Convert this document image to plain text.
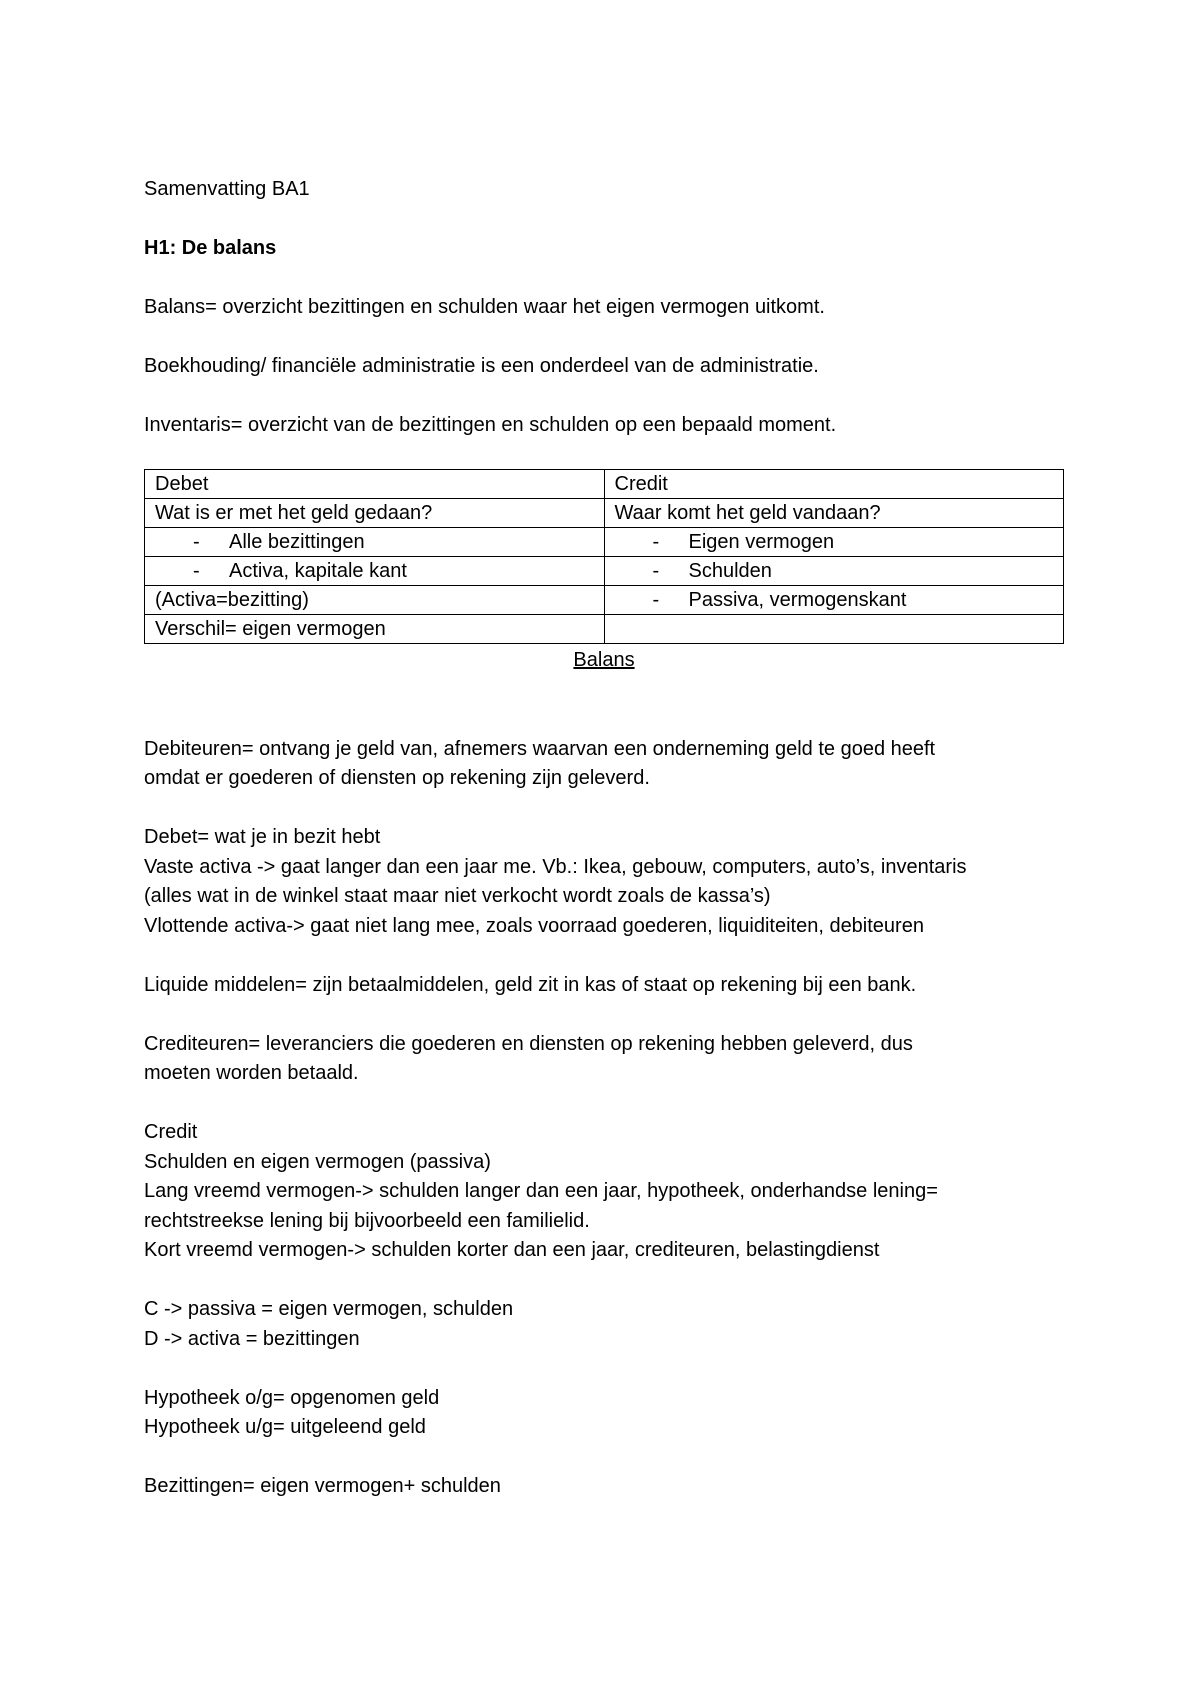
Samenvatting BA1

H1: De balans

Balans= overzicht bezittingen en schulden waar het eigen vermogen uitkomt.

Boekhouding/ financiële administratie is een onderdeel van de administratie.

Inventaris= overzicht van de bezittingen en schulden op een bepaald moment.

Debet	Credit
Wat is er met het geld gedaan?	Waar komt het geld vandaan?
- Alle bezittingen	- Eigen vermogen
- Activa, kapitale kant	- Schulden
(Activa=bezitting)	- Passiva, vermogenskant
Verschil= eigen vermogen	

Balans

Debiteuren= ontvang je geld van, afnemers waarvan een onderneming geld te goed heeft

omdat er goederen of diensten op rekening zijn geleverd.

Debet= wat je in bezit hebt

Vaste activa -> gaat langer dan een jaar me. Vb.: Ikea, gebouw, computers, auto’s, inventaris

(alles wat in de winkel staat maar niet verkocht wordt zoals de kassa’s)

Vlottende activa-> gaat niet lang mee, zoals voorraad goederen, liquiditeiten, debiteuren

Liquide middelen= zijn betaalmiddelen, geld zit in kas of staat op rekening bij een bank.

Crediteuren= leveranciers die goederen en diensten op rekening hebben geleverd, dus

moeten worden betaald.

Credit

Schulden en eigen vermogen (passiva)

Lang vreemd vermogen-> schulden langer dan een jaar, hypotheek, onderhandse lening=

rechtstreekse lening bij bijvoorbeeld een familielid.

Kort vreemd vermogen-> schulden korter dan een jaar, crediteuren, belastingdienst

C -> passiva = eigen vermogen, schulden

D -> activa = bezittingen

Hypotheek o/g= opgenomen geld

Hypotheek u/g= uitgeleend geld

Bezittingen= eigen vermogen+ schulden
